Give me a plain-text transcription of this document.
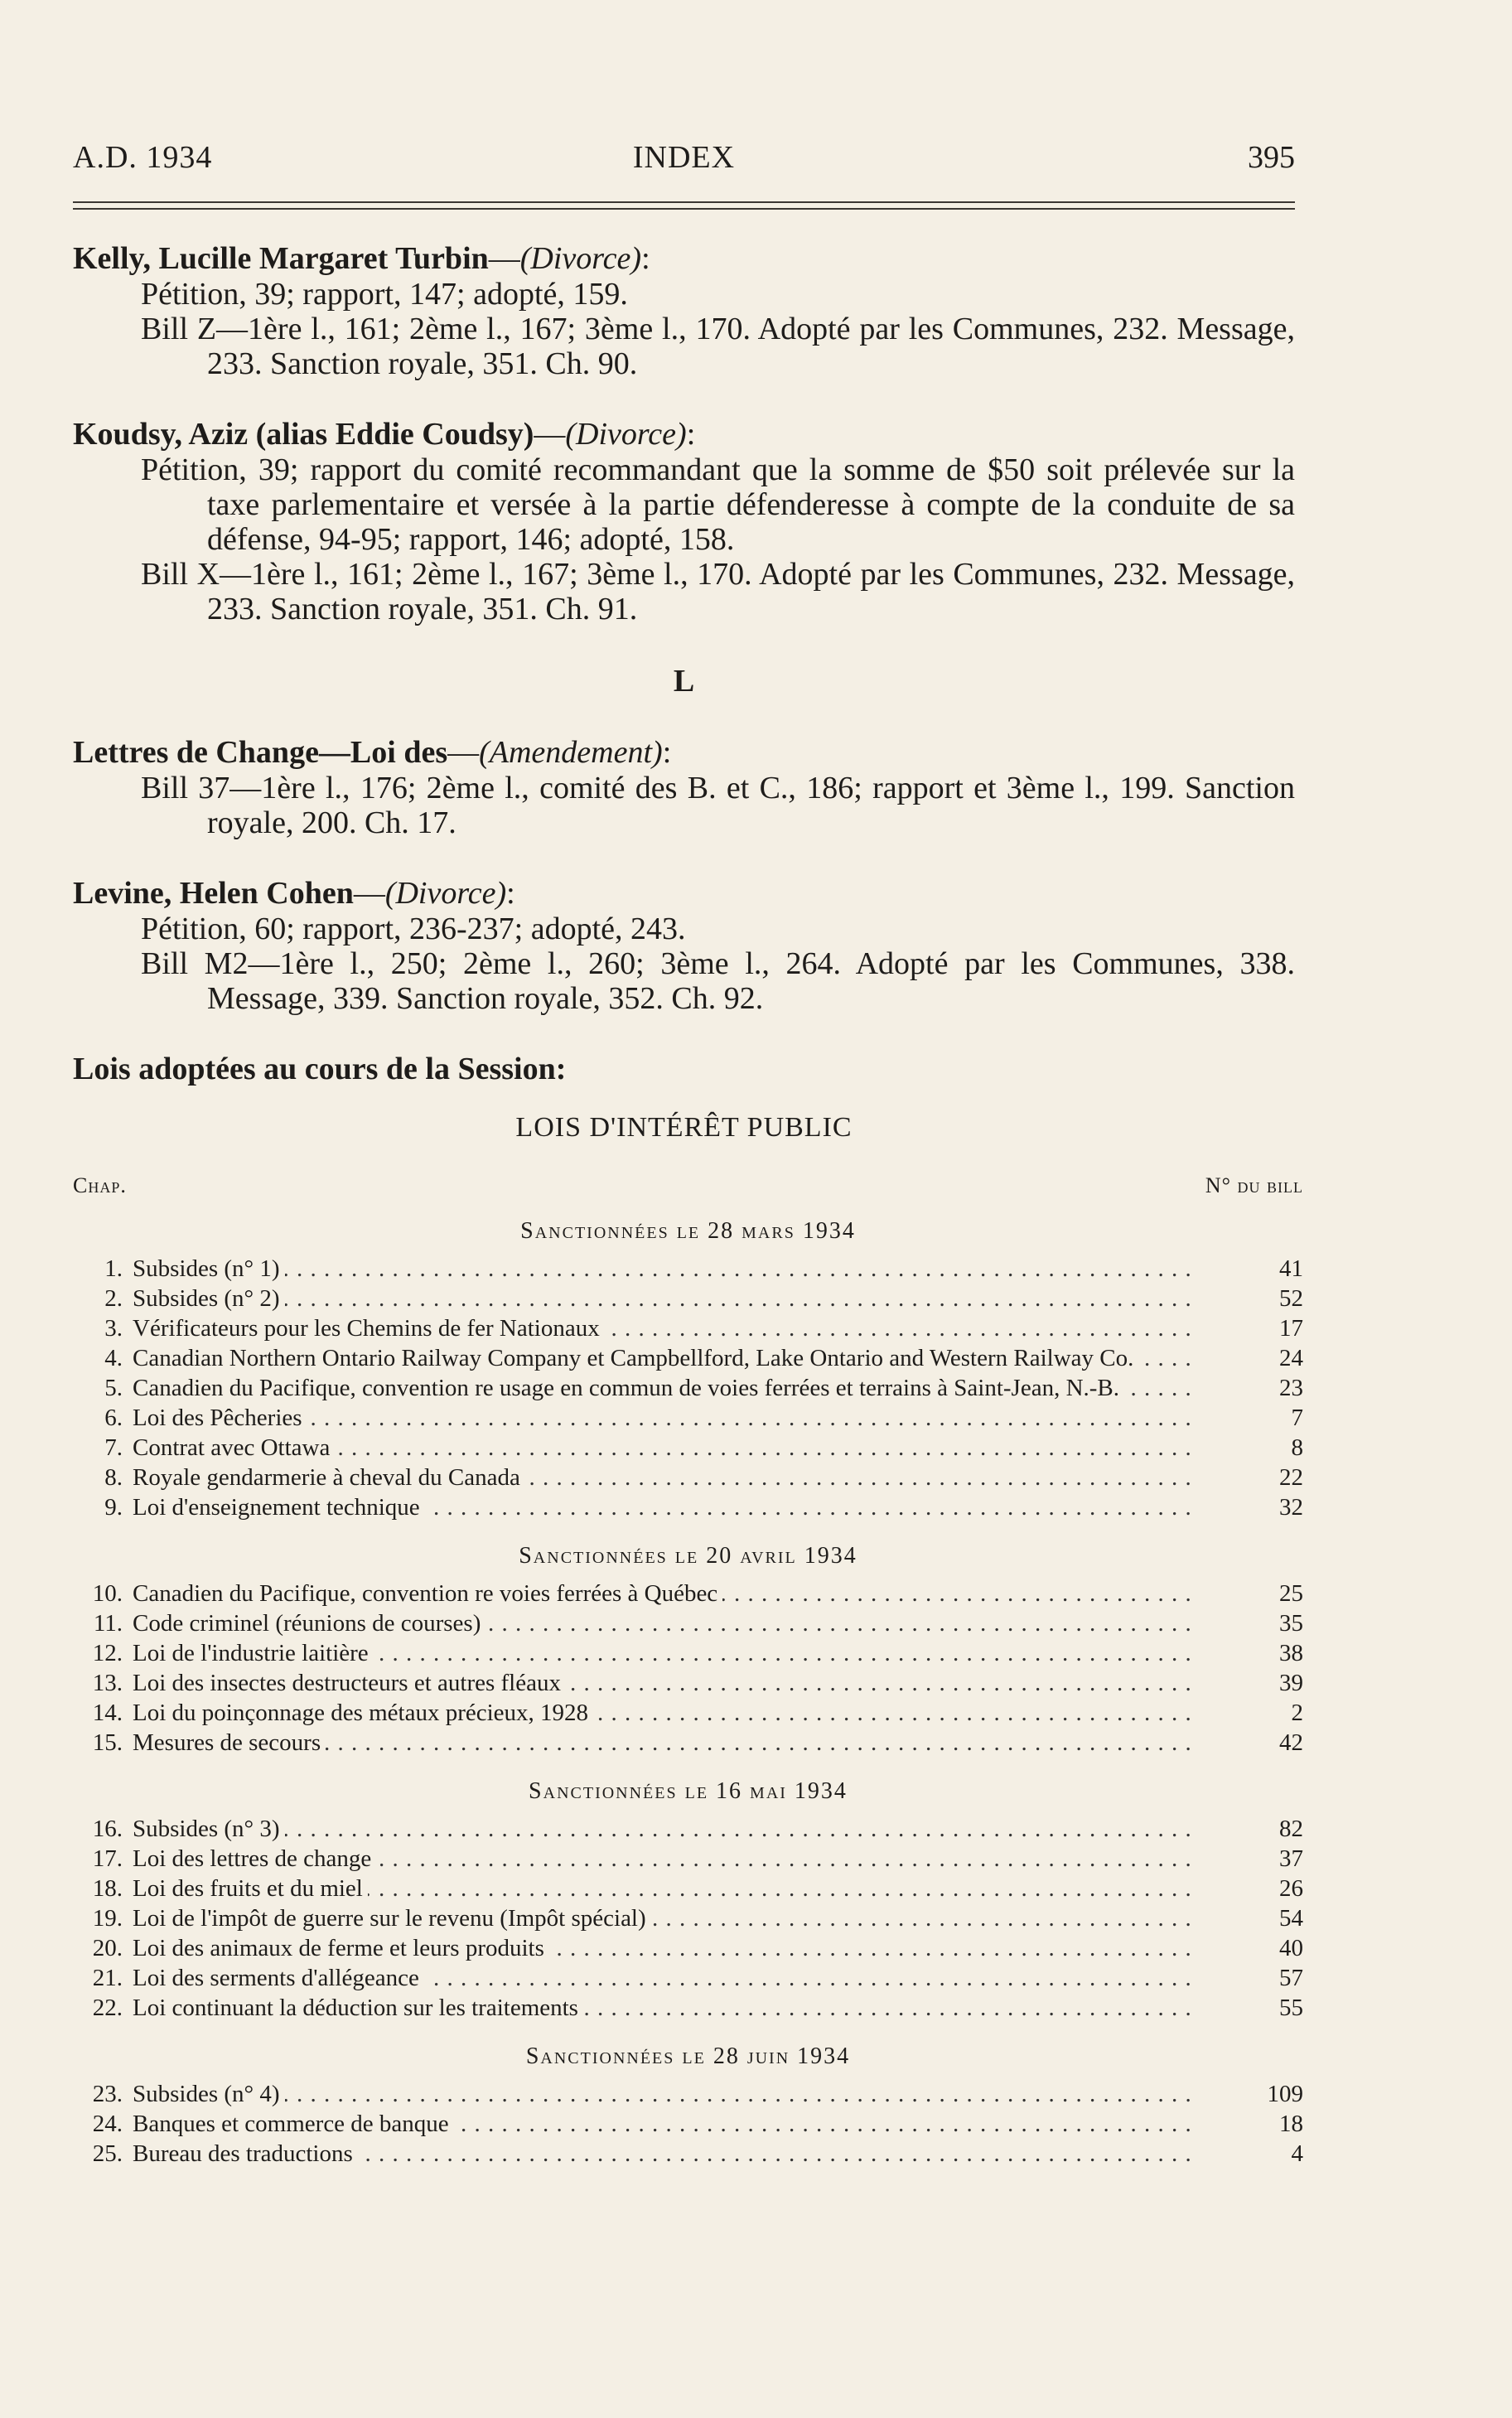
A.D. 1934	INDEX	395
Kelly, Lucille Margaret Turbin—(Divorce):
Pétition, 39; rapport, 147; adopté, 159.
Bill Z—1ère l., 161; 2ème l., 167; 3ème l., 170. Adopté par les Communes, 232. Message, 233. Sanction royale, 351. Ch. 90.
Koudsy, Aziz (alias Eddie Coudsy)—(Divorce):
Pétition, 39; rapport du comité recommandant que la somme de $50 soit prélevée sur la taxe parlementaire et versée à la partie défenderesse à compte de la conduite de sa défense, 94-95; rapport, 146; adopté, 158.
Bill X—1ère l., 161; 2ème l., 167; 3ème l., 170. Adopté par les Communes, 232. Message, 233. Sanction royale, 351. Ch. 91.
L
Lettres de Change—Loi des—(Amendement):
Bill 37—1ère l., 176; 2ème l., comité des B. et C., 186; rapport et 3ème l., 199. Sanction royale, 200. Ch. 17.
Levine, Helen Cohen—(Divorce):
Pétition, 60; rapport, 236-237; adopté, 243.
Bill M2—1ère l., 250; 2ème l., 260; 3ème l., 264. Adopté par les Communes, 338. Message, 339. Sanction royale, 352. Ch. 92.
Lois adoptées au cours de la Session:
LOIS D'INTÉRÊT PUBLIC
Chap.	N° du bill
Sanctionnées le 28 mars 1934
1. Subsides (n° 1) . . .	41
2. Subsides (n° 2) . . .	52
3. Vérificateurs pour les Chemins de fer Nationaux . . .	17
4. Canadian Northern Ontario Railway Company et Campbellford, Lake Ontario and Western Railway Co. . . .	24
5. Canadien du Pacifique, convention re usage en commun de voies ferrées et terrains à Saint-Jean, N.-B. . . .	23
6. Loi des Pêcheries . . .	7
7. Contrat avec Ottawa . . .	8
8. Royale gendarmerie à cheval du Canada . . .	22
9. Loi d'enseignement technique . . .	32
Sanctionnées le 20 avril 1934
10. Canadien du Pacifique, convention re voies ferrées à Québec . . .	25
11. Code criminel (réunions de courses) . . .	35
12. Loi de l'industrie laitière . . .	38
13. Loi des insectes destructeurs et autres fléaux . . .	39
14. Loi du poinçonnage des métaux précieux, 1928 . . .	2
15. Mesures de secours . . .	42
Sanctionnées le 16 mai 1934
16. Subsides (n° 3) . . .	82
17. Loi des lettres de change . . .	37
18. Loi des fruits et du miel . . .	26
19. Loi de l'impôt de guerre sur le revenu (Impôt spécial) . . .	54
20. Loi des animaux de ferme et leurs produits . . .	40
21. Loi des serments d'allégeance . . .	57
22. Loi continuant la déduction sur les traitements . . .	55
Sanctionnées le 28 juin 1934
23. Subsides (n° 4) . . .	109
24. Banques et commerce de banque . . .	18
25. Bureau des traductions . . .	4
